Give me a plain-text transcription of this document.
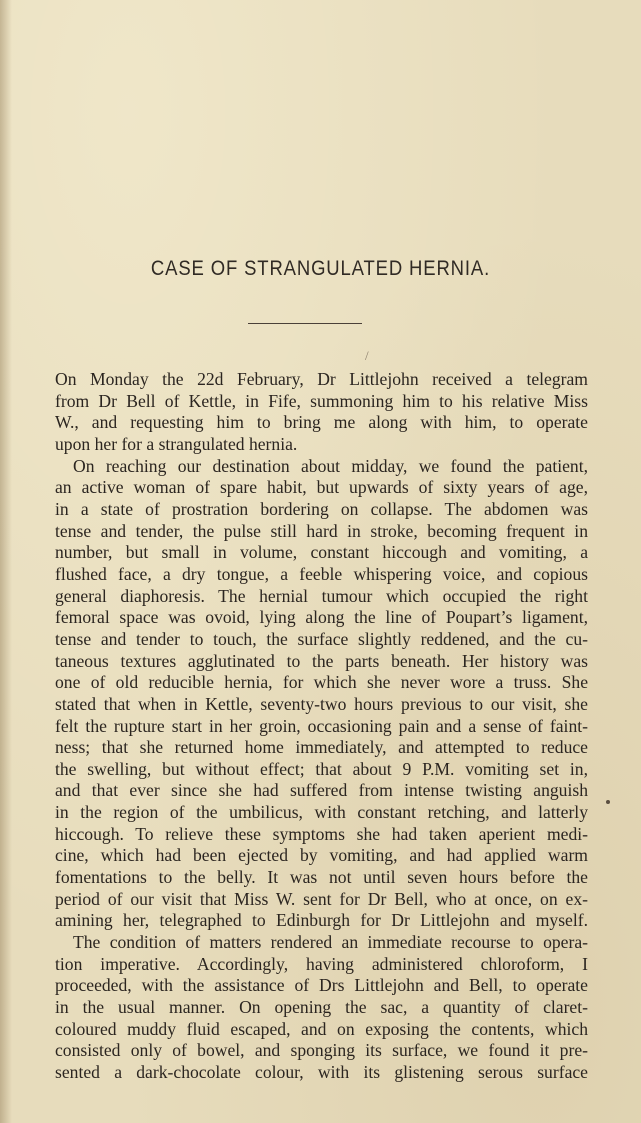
CASE OF STRANGULATED HERNIA.
/
On Monday the 22d February, Dr Littlejohn received a telegram
from Dr Bell of Kettle, in Fife, summoning him to his relative Miss
W., and requesting him to bring me along with him, to operate
upon her for a strangulated hernia.
On reaching our destination about midday, we found the patient,
an active woman of spare habit, but upwards of sixty years of age,
in a state of prostration bordering on collapse. The abdomen was
tense and tender, the pulse still hard in stroke, becoming frequent in
number, but small in volume, constant hiccough and vomiting, a
flushed face, a dry tongue, a feeble whispering voice, and copious
general diaphoresis. The hernial tumour which occupied the right
femoral space was ovoid, lying along the line of Poupart’s ligament,
tense and tender to touch, the surface slightly reddened, and the cu-
taneous textures agglutinated to the parts beneath. Her history was
one of old reducible hernia, for which she never wore a truss. She
stated that when in Kettle, seventy-two hours previous to our visit, she
felt the rupture start in her groin, occasioning pain and a sense of faint-
ness; that she returned home immediately, and attempted to reduce
the swelling, but without effect; that about 9 P.M. vomiting set in,
and that ever since she had suffered from intense twisting anguish
in the region of the umbilicus, with constant retching, and latterly
hiccough. To relieve these symptoms she had taken aperient medi-
cine, which had been ejected by vomiting, and had applied warm
fomentations to the belly. It was not until seven hours before the
period of our visit that Miss W. sent for Dr Bell, who at once, on ex-
amining her, telegraphed to Edinburgh for Dr Littlejohn and myself.
The condition of matters rendered an immediate recourse to opera-
tion imperative. Accordingly, having administered chloroform, I
proceeded, with the assistance of Drs Littlejohn and Bell, to operate
in the usual manner. On opening the sac, a quantity of claret-
coloured muddy fluid escaped, and on exposing the contents, which
consisted only of bowel, and sponging its surface, we found it pre-
sented a dark-chocolate colour, with its glistening serous surface
